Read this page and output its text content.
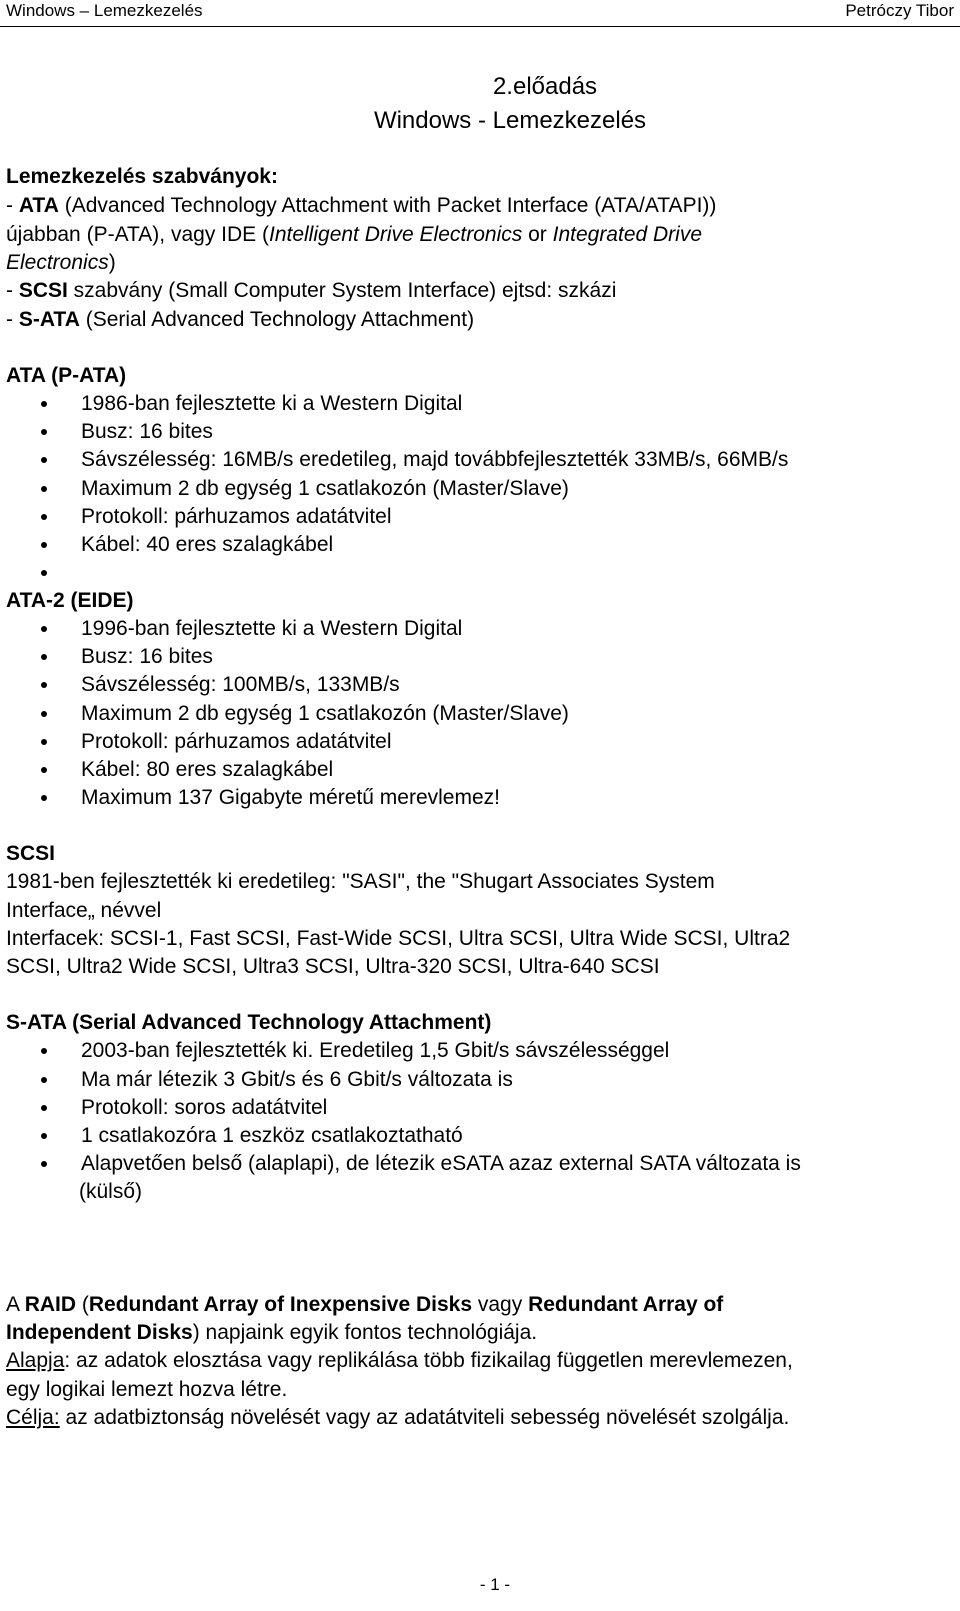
Windows – Lemezkezelés	Petróczy Tibor
2.előadás
Windows - Lemezkezelés
Lemezkezelés szabványok:
- ATA (Advanced Technology Attachment with Packet Interface (ATA/ATAPI))
újabban (P-ATA), vagy IDE (Intelligent Drive Electronics or Integrated Drive
Electronics)
- SCSI szabvány (Small Computer System Interface) ejtsd: szkázi
- S-ATA (Serial Advanced Technology Attachment)
ATA (P-ATA)
1986-ban fejlesztette ki a Western Digital
Busz: 16 bites
Sávszélesség: 16MB/s eredetileg, majd továbbfejlesztették 33MB/s, 66MB/s
Maximum 2 db egység 1 csatlakozón (Master/Slave)
Protokoll: párhuzamos adatátvitel
Kábel: 40 eres szalagkábel
ATA-2 (EIDE)
1996-ban fejlesztette ki a Western Digital
Busz: 16 bites
Sávszélesség: 100MB/s, 133MB/s
Maximum 2 db egység 1 csatlakozón (Master/Slave)
Protokoll: párhuzamos adatátvitel
Kábel: 80 eres szalagkábel
Maximum 137 Gigabyte méretű merevlemez!
SCSI
1981-ben fejlesztették ki eredetileg: "SASI", the "Shugart Associates System
Interface„ névvel
Interfacek: SCSI-1, Fast SCSI, Fast-Wide SCSI, Ultra SCSI, Ultra Wide SCSI, Ultra2
SCSI, Ultra2 Wide SCSI, Ultra3 SCSI, Ultra-320 SCSI, Ultra-640 SCSI
S-ATA (Serial Advanced Technology Attachment)
2003-ban fejlesztették ki. Eredetileg 1,5 Gbit/s sávszélességgel
Ma már létezik 3 Gbit/s és 6 Gbit/s változata is
Protokoll: soros adatátvitel
1 csatlakozóra 1 eszköz csatlakoztatható
Alapvetően belső (alaplapi), de létezik eSATA azaz external SATA változata is
(külső)
A RAID (Redundant Array of Inexpensive Disks vagy Redundant Array of
Independent Disks) napjaink egyik fontos technológiája.
Alapja: az adatok elosztása vagy replikálása több fizikailag független merevlemezen,
egy logikai lemezt hozva létre.
Célja: az adatbiztonság növelését vagy az adatátviteli sebesség növelését szolgálja.
- 1 -
